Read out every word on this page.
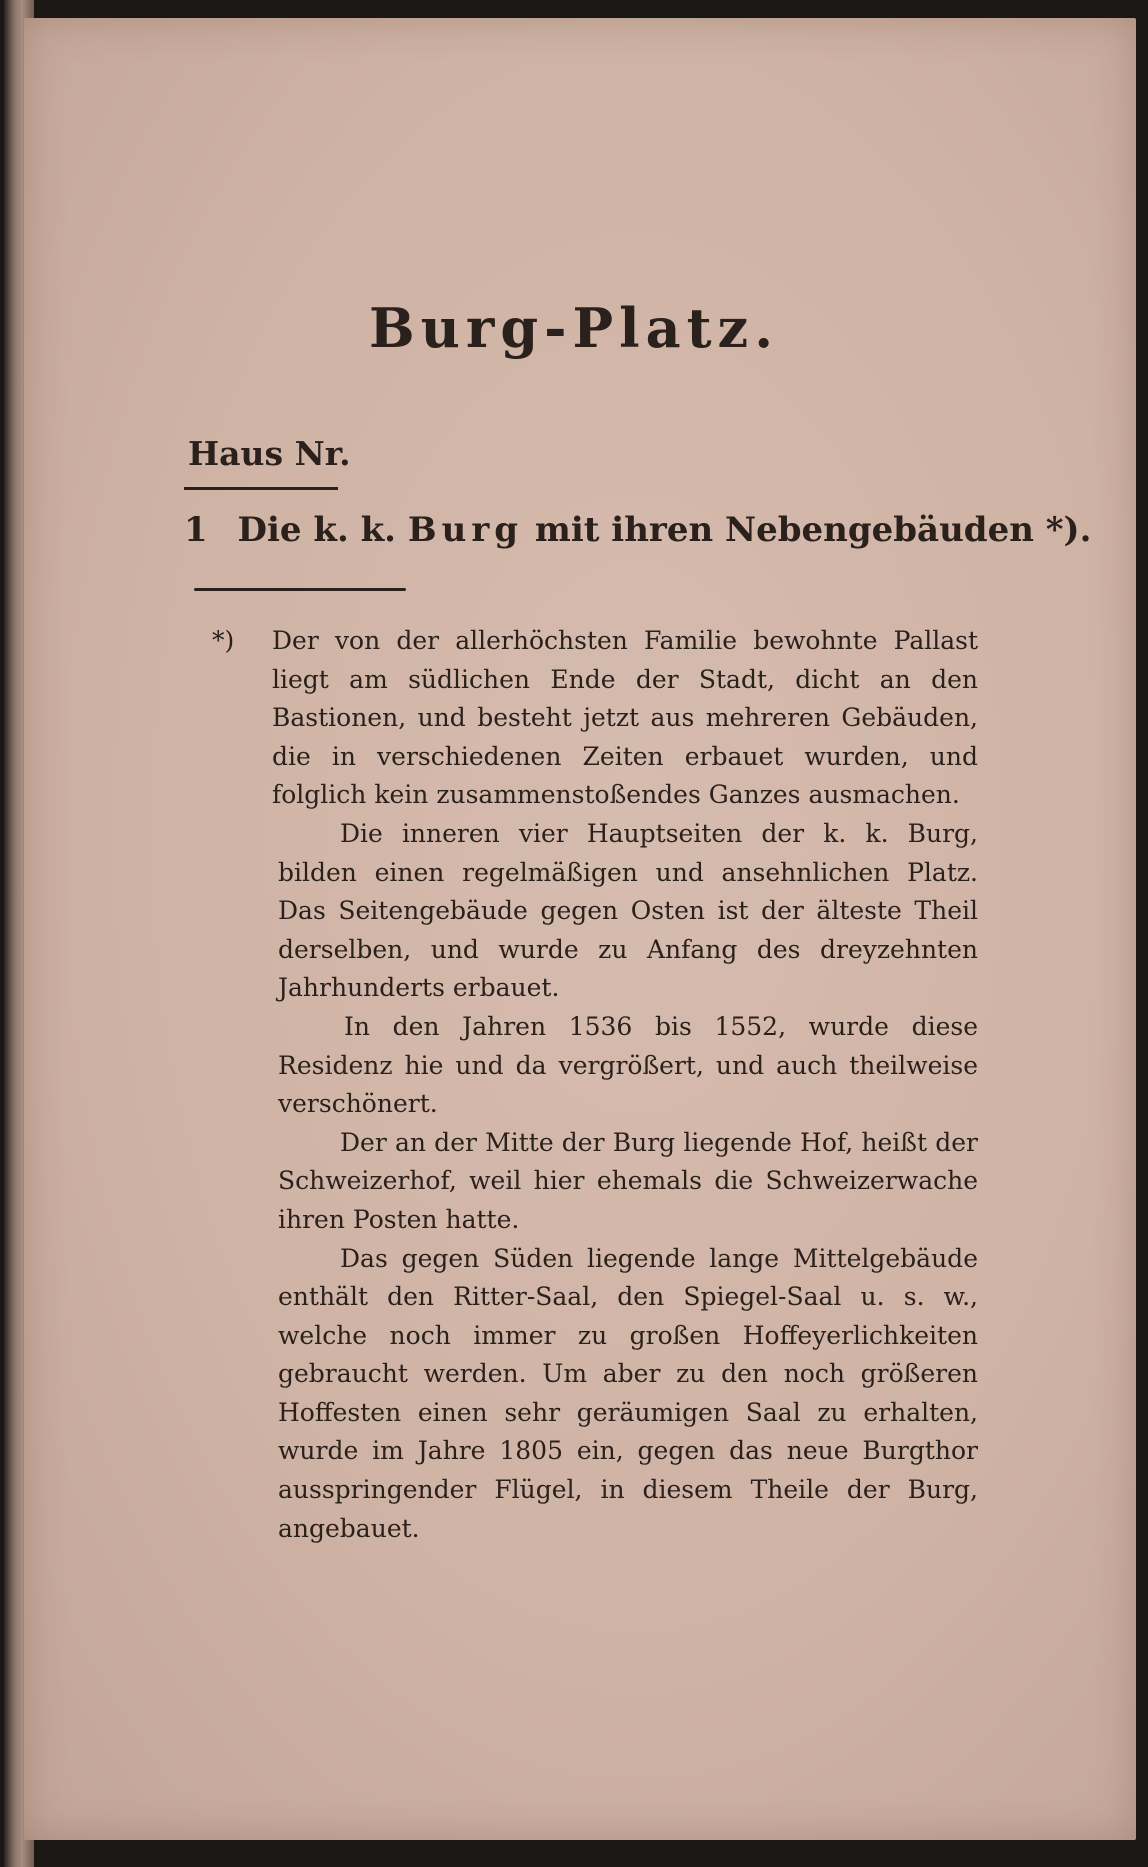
Burg-Platz.
Haus Nr.
1 Die k. k. Burg mit ihren Nebengebäuden *).

*) Der von der allerhöchsten Familie bewohnte Pallast liegt am südlichen Ende der Stadt, dicht an den Bastionen, und besteht jetzt aus mehreren Gebäuden, die in verschiedenen Zeiten erbauet wurden, und folglich kein zusammenstoßendes Ganzes ausmachen.

Die inneren vier Hauptseiten der k. k. Burg, bilden einen regelmäßigen und ansehnlichen Platz. Das Seitengebäude gegen Osten ist der älteste Theil derselben, und wurde zu Anfang des dreyzehnten Jahrhunderts erbauet.

In den Jahren 1536 bis 1552, wurde diese Residenz hie und da vergrößert, und auch theilweise verschönert.

Der an der Mitte der Burg liegende Hof, heißt der Schweizerhof, weil hier ehemals die Schweizerwache ihren Posten hatte.

Das gegen Süden liegende lange Mittelgebäude enthält den Ritter-Saal, den Spiegel-Saal u. s. w., welche noch immer zu großen Hoffeyerlichkeiten gebraucht werden. Um aber zu den noch größeren Hoffesten einen sehr geräumigen Saal zu erhalten, wurde im Jahre 1805 ein, gegen das neue Burgthor ausspringender Flügel, in diesem Theile der Burg, angebauet.
